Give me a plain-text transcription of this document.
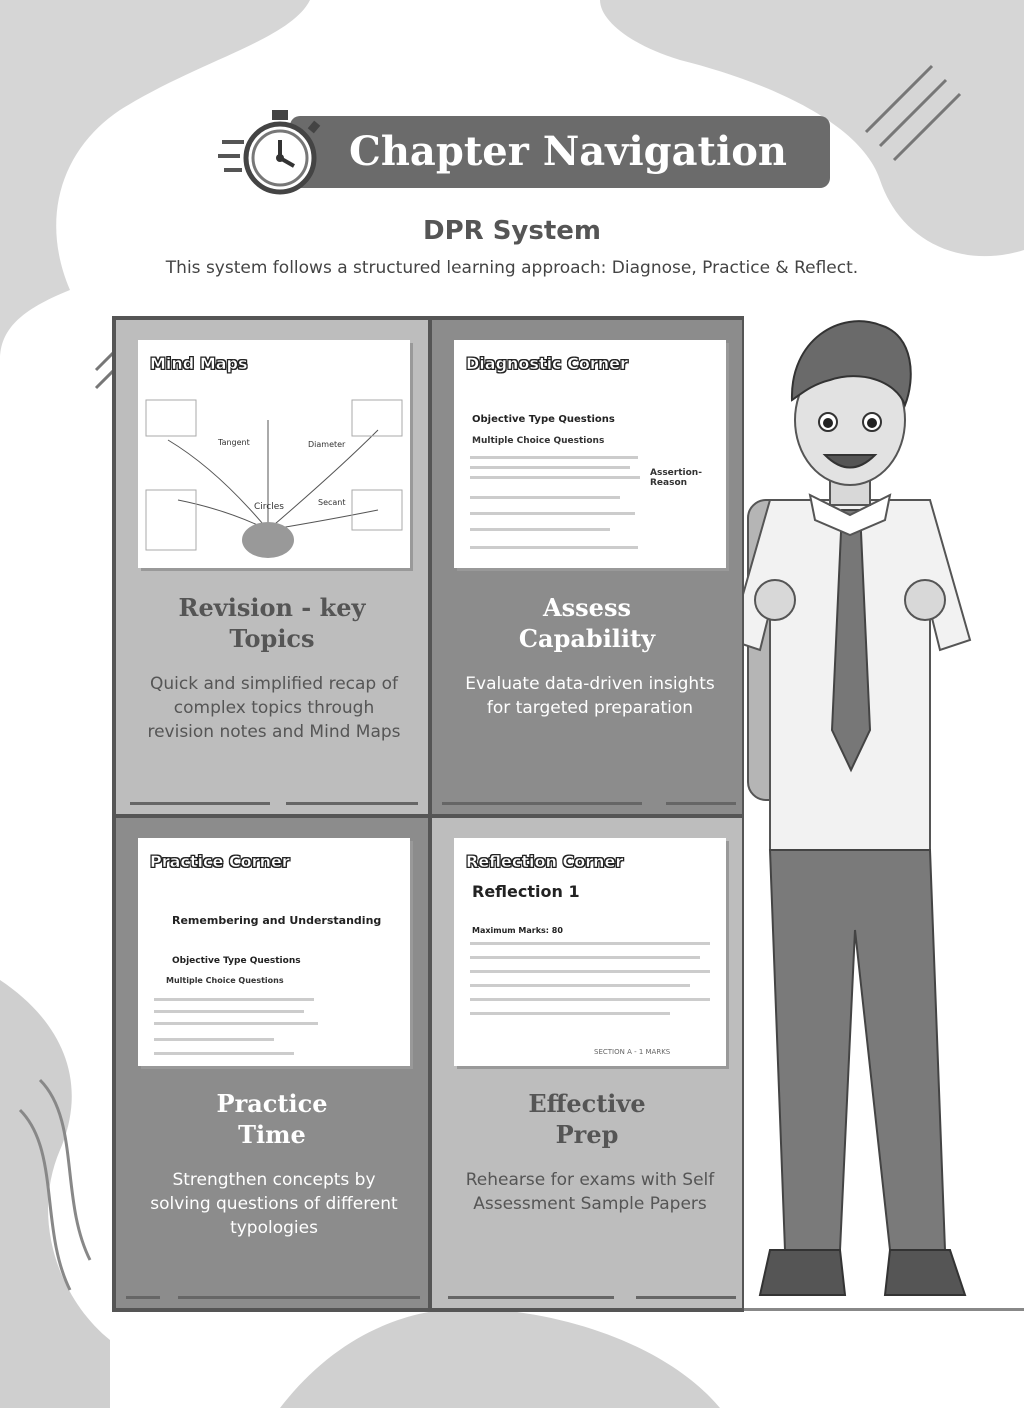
Chapter Navigation
DPR System
This system follows a structured learning approach: Diagnose, Practice & Reflect.
Mind Maps
Circles
Tangent	Diameter
Secant
Revision - key
Topics
Quick and simplified recap of complex topics through revision notes and Mind Maps
Diagnostic Corner
Objective Type Questions
Multiple Choice Questions
Assertion-Reason
Assess
Capability
Evaluate data-driven insights for targeted preparation
Practice Corner
Remembering and Understanding
Objective Type Questions
Multiple Choice Questions
Practice
Time
Strengthen concepts by solving questions of different typologies
Reflection Corner
Reflection 1
Maximum Marks: 80
SECTION A - 1 MARKS
Effective
Prep
Rehearse for exams with Self Assessment Sample Papers
